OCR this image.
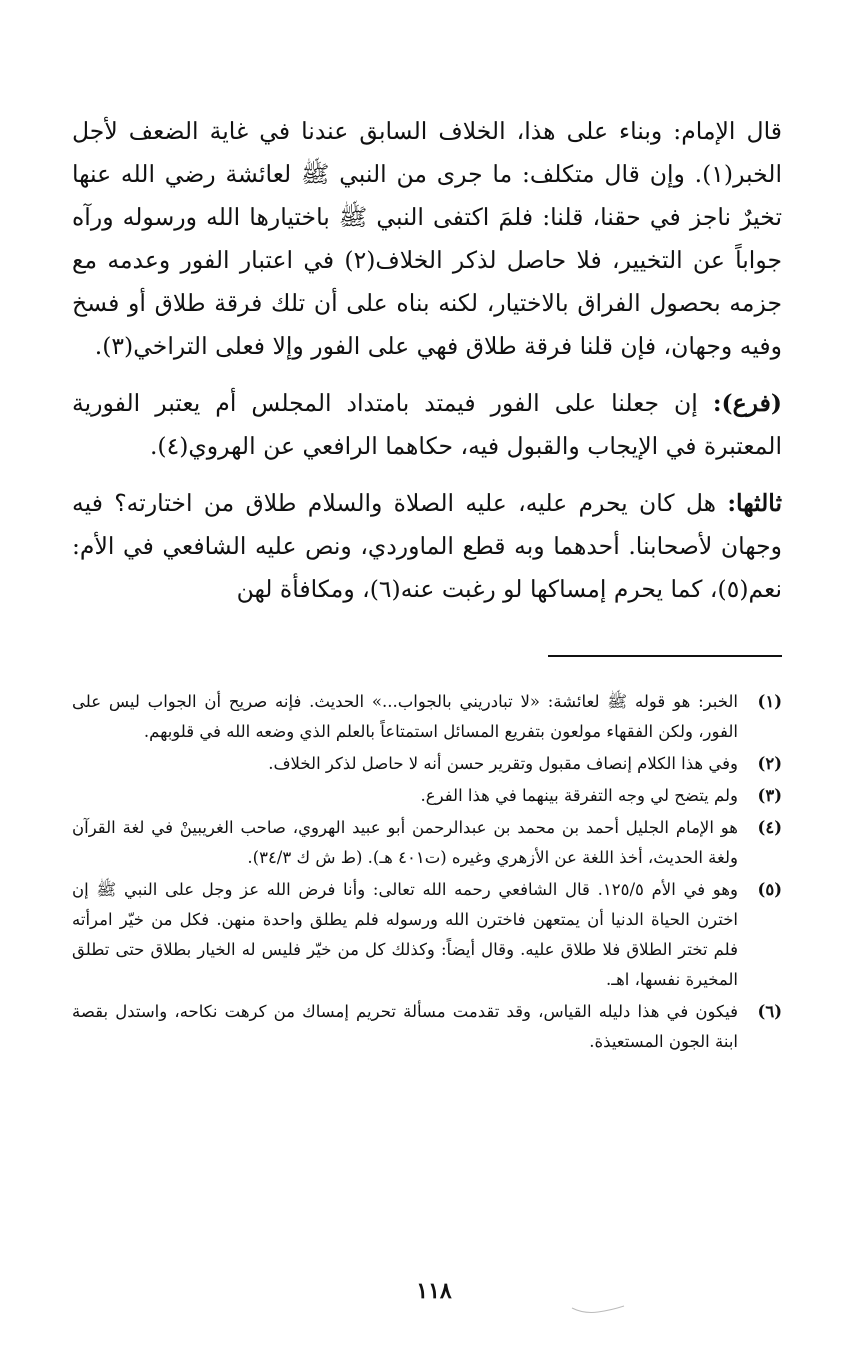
قال الإمام: وبناء على هذا، الخلاف السابق عندنا في غاية الضعف لأجل الخبر(١). وإن قال متكلف: ما جرى من النبي ﷺ لعائشة رضي الله عنها تخيرٌ ناجز في حقنا، قلنا: فلمَ اكتفى النبي ﷺ باختيارها الله ورسوله ورآه جواباً عن التخيير، فلا حاصل لذكر الخلاف(٢) في اعتبار الفور وعدمه مع جزمه بحصول الفراق بالاختيار، لكنه بناه على أن تلك فرقة طلاق أو فسخ وفيه وجهان، فإن قلنا فرقة طلاق فهي على الفور وإلا فعلى التراخي(٣).

(فرع): إن جعلنا على الفور فيمتد بامتداد المجلس أم يعتبر الفورية المعتبرة في الإيجاب والقبول فيه، حكاهما الرافعي عن الهروي(٤).

ثالثها: هل كان يحرم عليه، عليه الصلاة والسلام طلاق من اختارته؟ فيه وجهان لأصحابنا. أحدهما وبه قطع الماوردي، ونص عليه الشافعي في الأم: نعم(٥)، كما يحرم إمساكها لو رغبت عنه(٦)، ومكافأة لهن

(١)
الخبر: هو قوله ﷺ لعائشة: «لا تبادريني بالجواب...» الحديث. فإنه صريح أن الجواب ليس على الفور، ولكن الفقهاء مولعون بتفريع المسائل استمتاعاً بالعلم الذي وضعه الله في قلوبهم.
(٢)
وفي هذا الكلام إنصاف مقبول وتقرير حسن أنه لا حاصل لذكر الخلاف.
(٣)
ولم يتضح لي وجه التفرقة بينهما في هذا الفرع.
(٤)
هو الإمام الجليل أحمد بن محمد بن عبدالرحمن أبو عبيد الهروي، صاحب الغريبينْ في لغة القرآن ولغة الحديث، أخذ اللغة عن الأزهري وغيره (ت٤٠١ هـ). (ط ش ك ٣٤/٣).
(٥)
وهو في الأم ١٢٥/٥. قال الشافعي رحمه الله تعالى: وأنا فرض الله عز وجل على النبي ﷺ إن اخترن الحياة الدنيا أن يمتعهن فاخترن الله ورسوله فلم يطلق واحدة منهن. فكل من خيّر امرأته فلم تختر الطلاق فلا طلاق عليه. وقال أيضاً: وكذلك كل من خيّر فليس له الخيار بطلاق حتى تطلق المخيرة نفسها، اهـ.
(٦)
فيكون في هذا دليله القياس، وقد تقدمت مسألة تحريم إمساك من كرهت نكاحه، واستدل بقصة ابنة الجون المستعيذة.
١١٨
